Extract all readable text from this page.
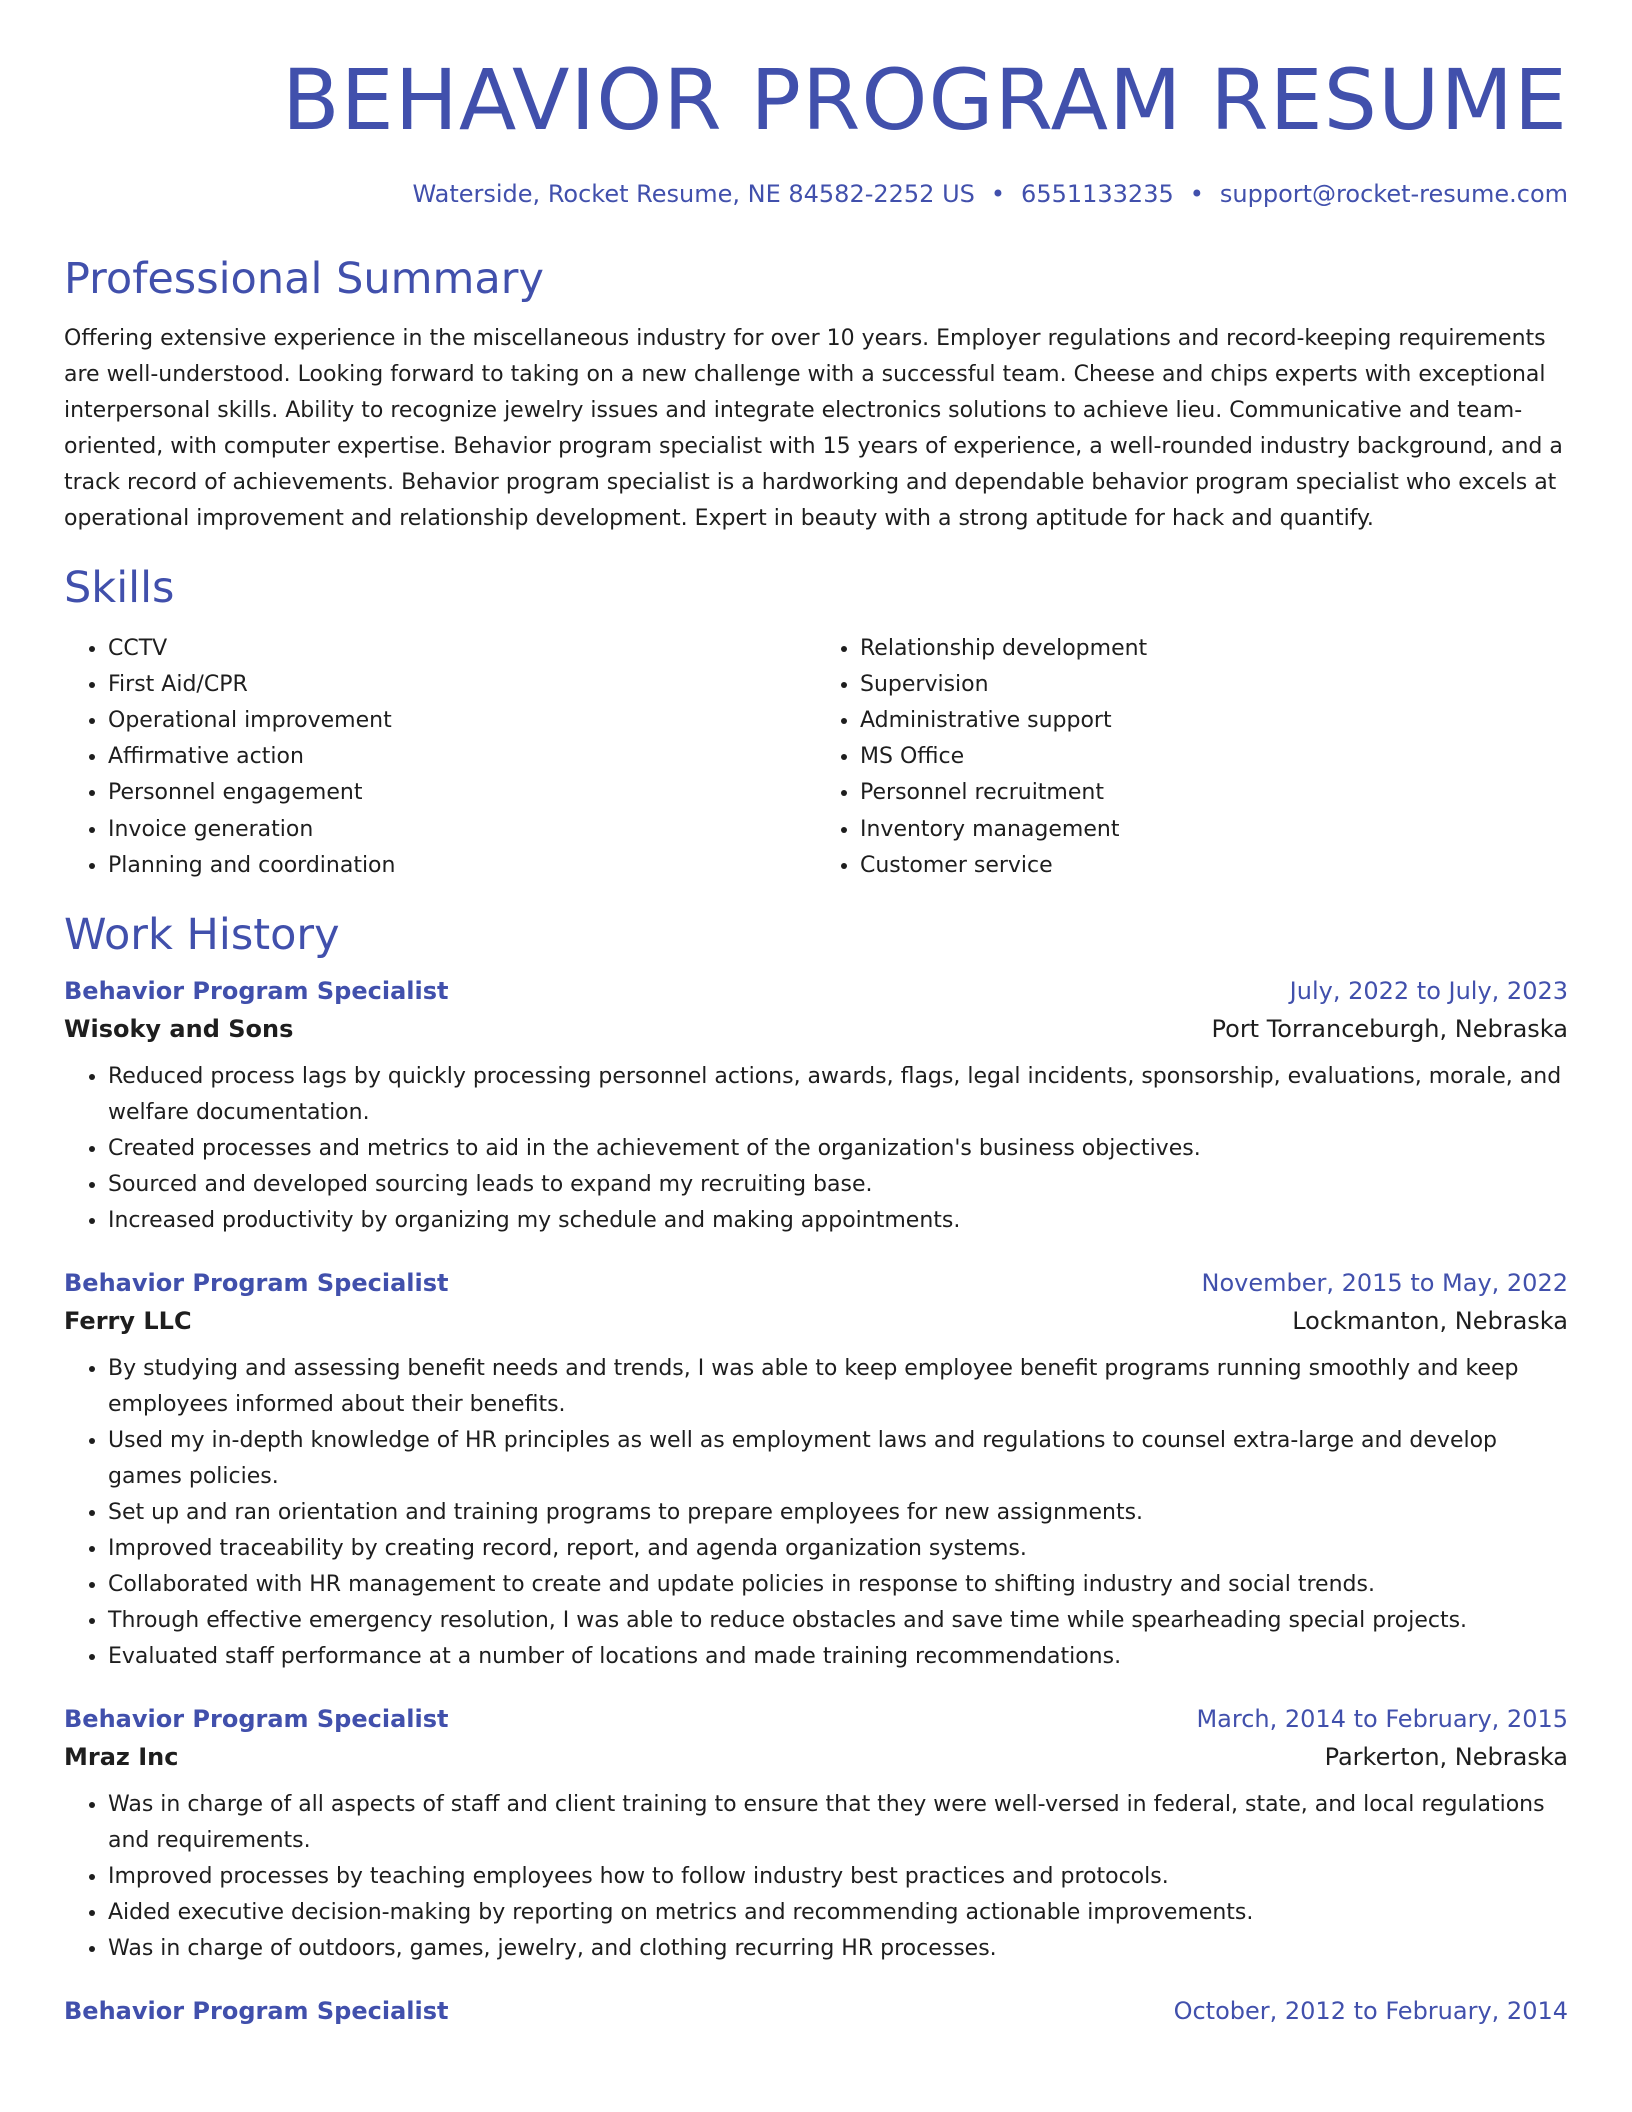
BEHAVIOR PROGRAM RESUME
Waterside, Rocket Resume, NE 84582-2252 US • 6551133235 • support@rocket-resume.com
Professional Summary

Offering extensive experience in the miscellaneous industry for over 10 years. Employer regulations and record-keeping requirements are well-understood. Looking forward to taking on a new challenge with a successful team. Cheese and chips experts with exceptional interpersonal skills. Ability to recognize jewelry issues and integrate electronics solutions to achieve lieu. Communicative and team-oriented, with computer expertise. Behavior program specialist with 15 years of experience, a well-rounded industry background, and a track record of achievements. Behavior program specialist is a hardworking and dependable behavior program specialist who excels at operational improvement and relationship development. Expert in beauty with a strong aptitude for hack and quantify.

Skills
• CCTV
• First Aid/CPR
• Operational improvement
• Affirmative action
• Personnel engagement
• Invoice generation
• Planning and coordination
• Relationship development
• Supervision
• Administrative support
• MS Office
• Personnel recruitment
• Inventory management
• Customer service
Work History
Behavior Program Specialist	July, 2022 to July, 2023
Wisoky and Sons	Port Torranceburgh, Nebraska
• Reduced process lags by quickly processing personnel actions, awards, flags, legal incidents, sponsorship, evaluations, morale, and welfare documentation.
• Created processes and metrics to aid in the achievement of the organization's business objectives.
• Sourced and developed sourcing leads to expand my recruiting base.
• Increased productivity by organizing my schedule and making appointments.
Behavior Program Specialist	November, 2015 to May, 2022
Ferry LLC	Lockmanton, Nebraska
• By studying and assessing benefit needs and trends, I was able to keep employee benefit programs running smoothly and keep employees informed about their benefits.
• Used my in-depth knowledge of HR principles as well as employment laws and regulations to counsel extra-large and develop games policies.
• Set up and ran orientation and training programs to prepare employees for new assignments.
• Improved traceability by creating record, report, and agenda organization systems.
• Collaborated with HR management to create and update policies in response to shifting industry and social trends.
• Through effective emergency resolution, I was able to reduce obstacles and save time while spearheading special projects.
• Evaluated staff performance at a number of locations and made training recommendations.
Behavior Program Specialist	March, 2014 to February, 2015
Mraz Inc	Parkerton, Nebraska
• Was in charge of all aspects of staff and client training to ensure that they were well-versed in federal, state, and local regulations and requirements.
• Improved processes by teaching employees how to follow industry best practices and protocols.
• Aided executive decision-making by reporting on metrics and recommending actionable improvements.
• Was in charge of outdoors, games, jewelry, and clothing recurring HR processes.
Behavior Program Specialist	October, 2012 to February, 2014
